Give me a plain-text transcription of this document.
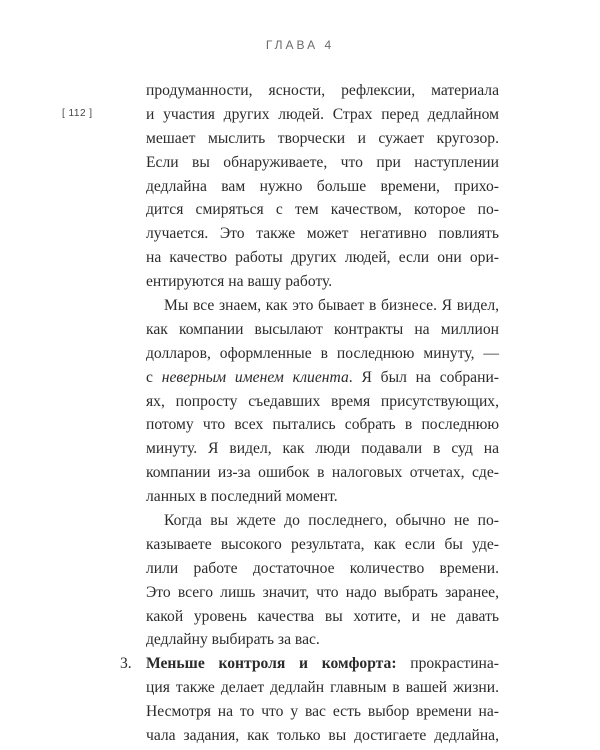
ГЛАВА 4
[ 112 ]
продуманности, ясности, рефлексии, материала
и участия других людей. Страх перед дедлайном
мешает мыслить творчески и сужает кругозор.
Если вы обнаруживаете, что при наступлении
дедлайна вам нужно больше времени, прихо-
дится смиряться с тем качеством, которое по-
лучается. Это также может негативно повлиять
на качество работы других людей, если они ори-
ентируются на вашу работу.
Мы все знаем, как это бывает в бизнесе. Я видел,
как компании высылают контракты на миллион
долларов, оформленные в последнюю минуту, —
с неверным именем клиента. Я был на собрани-
ях, попросту съедавших время присутствующих,
потому что всех пытались собрать в последнюю
минуту. Я видел, как люди подавали в суд на
компании из-за ошибок в налоговых отчетах, сде-
ланных в последний момент.
Когда вы ждете до последнего, обычно не по-
казываете высокого результата, как если бы уде-
лили работе достаточное количество времени.
Это всего лишь значит, что надо выбрать заранее,
какой уровень качества вы хотите, и не давать
дедлайну выбирать за вас.
3. Меньше контроля и комфорта: прокрастина-
ция также делает дедлайн главным в вашей жизни.
Несмотря на то что у вас есть выбор времени на-
чала задания, как только вы достигаете дедлайна,
